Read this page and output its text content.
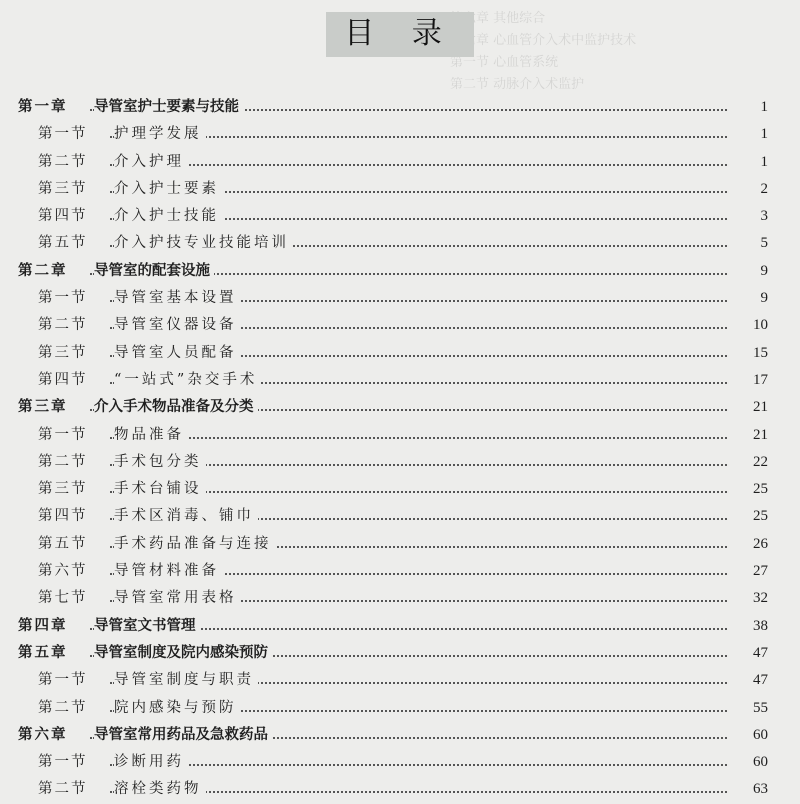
第六章 其他综合
第七章 心血管介入术中监护技术
第一节 心血管系统
第二节 动脉介入术监护
目 录
第一章 导管室护士要素与技能	1
第一节 护理学发展	1
第二节 介入护理	1
第三节 介入护士要素	2
第四节 介入护士技能	3
第五节 介入护技专业技能培训	5
第二章 导管室的配套设施	9
第一节 导管室基本设置	9
第二节 导管室仪器设备	10
第三节 导管室人员配备	15
第四节 “一站式”杂交手术	17
第三章 介入手术物品准备及分类	21
第一节 物品准备	21
第二节 手术包分类	22
第三节 手术台铺设	25
第四节 手术区消毒、铺巾	25
第五节 手术药品准备与连接	26
第六节 导管材料准备	27
第七节 导管室常用表格	32
第四章 导管室文书管理	38
第五章 导管室制度及院内感染预防	47
第一节 导管室制度与职责	47
第二节 院内感染与预防	55
第六章 导管室常用药品及急救药品	60
第一节 诊断用药	60
第二节 溶栓类药物	63
